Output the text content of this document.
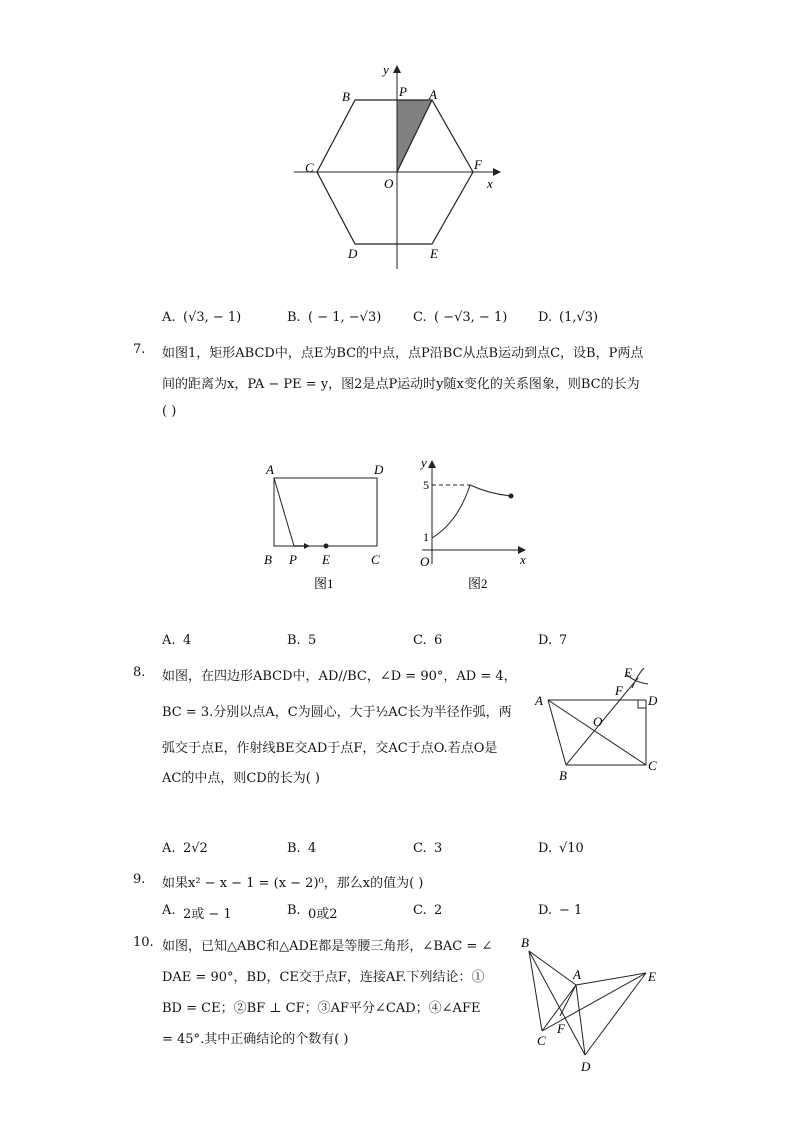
y
x
B	P A
C
O
F
D	E
A. (√3, − 1)	B. ( − 1, −√3) C. ( −√3, − 1) D. (1,√3)
7. 如图1，矩形ABCD中，点E为BC的中点，点P沿BC从点B运动到点C，设B，P两点
间的距离为x，PA − PE = y，图2是点P运动时y随x变化的关系图象，则BC的长为
( )
A	D
B P E	C
图1
y
x
5
1
O
图2
A. 4	B. 5	C. 6	D. 7
8. 如图，在四边形ABCD中，AD//BC，∠D = 90°，AD = 4，
BC = 3.分别以点A，C为圆心，大于½AC长为半径作弧，两
弧交于点E，作射线BE交AD于点F，交AC于点O.若点O是
AC的中点，则CD的长为( )
E
F
D
A
O
B
C
A. 2√2	B. 4	C. 3	D. √10
9. 如果x² − x − 1 = (x − 2)⁰，那么x的值为( )
A. 2或 − 1	B. 0或2	C. 2	D. − 1
10. 如图，已知△ABC和△ADE都是等腰三角形，∠BAC = ∠
DAE = 90°，BD，CE交于点F，连接AF.下列结论：①
BD = CE；②BF ⊥ CF；③AF平分∠CAD；④∠AFE
= 45°.其中正确结论的个数有( )
B
A	E
C
F
D
